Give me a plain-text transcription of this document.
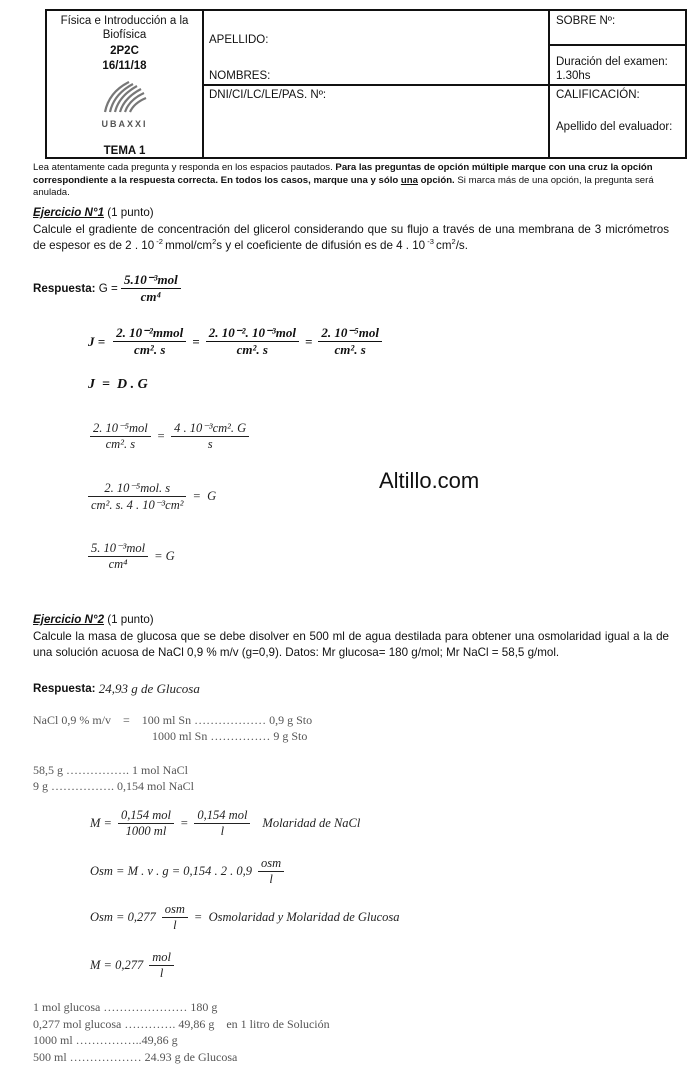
Física e Introducción a la Biofísica
2P2C
16/11/18
UBAXXI
TEMA 1
APELLIDO:
NOMBRES:
DNI/CI/LC/LE/PAS. Nº:
SOBRE Nº:
Duración del examen:
1.30hs
CALIFICACIÓN:
Apellido del evaluador:
Lea atentamente cada pregunta y responda en los espacios pautados. Para las preguntas de opción múltiple marque con una cruz la opción correspondiente a la respuesta correcta. En todos los casos, marque una y sólo una opción. Si marca más de una opción, la pregunta será anulada.
Altillo.com
Ejercicio N°1 (1 punto)
Calcule el gradiente de concentración del glicerol considerando que su flujo a través de una membrana de 3 micrómetros de espesor es de 2 . 10 $^{-2}$ mmol/$cm^2s$ y el coeficiente de difusión es de 4 . 10 $^{-3}$ $cm^2/s$.
Respuesta: $G = \frac{\text{5.10⁻³mol}}{\text{cm⁴}}$
$J = \frac{\text{2. 10⁻²mmol}}{\text{cm². s}} = \frac{\text{2. 10⁻². 10⁻³mol}}{\text{cm². s}} = \frac{\text{2. 10⁻⁵mol}}{\text{cm². s}}$
J  =  D . G
$\frac{\text{2. 10⁻⁵mol}}{\text{cm². s}} = \frac{\text{4 . 10⁻³cm². G}}{s}$
$\frac{\text{2. 10⁻⁵mol. s}}{\text{cm². s. 4 . 10⁻³cm²}} = G$
$\frac{\text{5. 10⁻³mol}}{\text{cm⁴}} = G$
Ejercicio N°2 (1 punto)
Calcule la masa de glucosa que se debe disolver en 500 ml de agua destilada para obtener una osmolaridad igual a la de una solución acuosa de NaCl 0,9 % m/v (g=0,9). Datos: Mr glucosa= 180 g/mol; Mr NaCl = 58,5 g/mol.
Respuesta: 24,93 g de Glucosa
NaCl 0,9 % m/v    =    100 ml Sn ……………… 0,9 g Sto
1000 ml Sn …………… 9 g Sto
58,5 g ……………. 1 mol NaCl
9 g ……………. 0,154 mol NaCl
$M = \frac{\text{0,154 mol}}{1000 ml} = \frac{\text{0,154 mol}}{l}$ Molaridad de NaCl
Osm = M . v . g = 0,154 . 2 . $0,9 \frac{\text{osm}}{l}$
Osm = $0,277 \frac{\text{osm}}{l}$ =  Osmolaridad y Molaridad de Glucosa
$M = 0,277 \frac{\text{mol}}{l}$
1 mol glucosa ………………… 180 g
0,277 mol glucosa …………. 49,86 g    en 1 litro de Solución
1000 ml ……………..49,86 g
500 ml ……………… 24.93 g de Glucosa
